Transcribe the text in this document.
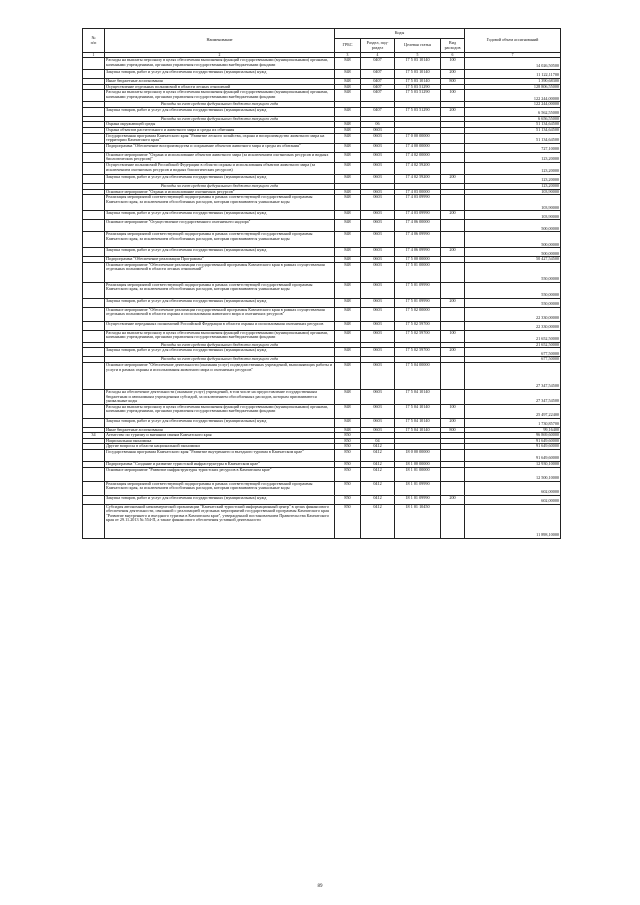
№
п/п	Наименование	Коды				Годовой объем ассигнований
		ГРБС	Раздел, под-раздел	Целевая статья	Вид расходов	
1	2	3	4	5	6	7
	Расходы на выплаты персоналу в целях обеспечения выполнения функций государственными (муниципальными) органами, казенными учреждениями, органами управления государственными внебюджетными фондами	848	0407	17 5 03 10140	100	14 026,50500
	Закупка товаров, работ и услуг для обеспечения государственных (муниципальных) нужд	848	0407	17 5 03 10140	200	11 122,11700
	Иные бюджетные ассигнования	848	0407	17 5 03 10140	800	1 390,68300
	Осуществление отдельных полномочий в области лесных отношений	848	0407	17 5 03 51290		128 806,55000
	Расходы на выплаты персоналу в целях обеспечения выполнения функций государственными (муниципальными) органами, казенными учреждениями, органами управления государственными внебюджетными фондами	848	0407	17 5 03 51290	100	122 244,00000
	Расходы за счет средств федерального бюджета текущего года					122 244,00000
	Закупка товаров, работ и услуг для обеспечения государственных (муниципальных) нужд	848	0407	17 5 03 51290	200	6 562,55000
	Расходы за счет средств федерального бюджета текущего года					6 656,55000
	Охрана окружающей среды	848	06			51 134,64500
	Охрана объектов растительного и животного мира и среды их обитания	848	0603			51 134,64500
	Государственная программа Камчатского края "Развитие лесного хозяйства, охрана и воспроизводство животного мира на территории Камчатского края"	848	0603	17 0 00 00000		51 134,64500
	Подпрограмма "Обеспечение воспроизводства и сохранение объектов животного мира и среды их обитания"	848	0603	17 4 00 00000		727,10000
	Основное мероприятие "Охрана и использование объектов животного мира (за исключением охотничьих ресурсов и водных биологических ресурсов)"	848	0603	17 4 02 00000		123,20000
	Осуществление полномочий Российской Федерации в области охраны и использования объектов животного мира (за исключением охотничьих ресурсов и водных биологических ресурсов)	848	0603	17 4 02 59200		123,20000
	Закупка товаров, работ и услуг для обеспечения государственных (муниципальных) нужд	848	0603	17 4 02 59200	200	123,20000
	Расходы за счет средств федерального бюджета текущего года					123,20000
	Основное мероприятие "Охрана и использование охотничьих ресурсов"	848	0603	17 4 03 00000		103,90000
	Реализация мероприятий соответствующей подпрограммы в рамках соответствующей государственной программы Камчатского края, за исключением обособленных расходов, которым присваиваются уникальные коды	848	0603	17 4 03 09990		103,90000
	Закупка товаров, работ и услуг для обеспечения государственных (муниципальных) нужд	848	0603	17 4 03 09990	200	103,90000
	Основное мероприятие "Осуществление государственного охотничьего надзора"	848	0603	17 4 06 00000		500,00000
	Реализация мероприятий соответствующей подпрограммы в рамках соответствующей государственной программы Камчатского края, за исключением обособленных расходов, которым присваиваются уникальные коды	848	0603	17 4 06 09990		500,00000
	Закупка товаров, работ и услуг для обеспечения государственных (муниципальных) нужд	848	0603	17 4 06 09990	200	500,00000
	Подпрограмма "Обеспечение реализации Программы"	848	0603	17 5 00 00000		50 427,54500
	Основное мероприятие "Обеспечение реализации государственной программы Камчатского края в рамках осуществления отдельных полномочий в области лесных отношений"	848	0603	17 5 01 00000		550,00000
	Реализация мероприятий соответствующей подпрограммы в рамках соответствующей государственной программы Камчатского края, за исключением обособленных расходов, которым присваиваются уникальные коды	848	0603	17 5 01 09990		550,00000
	Закупка товаров, работ и услуг для обеспечения государственных (муниципальных) нужд	848	0603	17 5 01 09990	200	550,00000
	Основное мероприятие "Обеспечение реализации государственной программы Камчатского края в рамках осуществления отдельных полномочий в области охраны и использования животного мира и охотничьих ресурсов"	848	0603	17 5 02 00000		22 330,00000
	Осуществление переданных полномочий Российской Федерации в области охраны и использования охотничьих ресурсов	848	0603	17 5 02 59700		22 330,00000
	Расходы на выплаты персоналу в целях обеспечения выполнения функций государственными (муниципальными) органами, казенными учреждениями, органами управления государственными внебюджетными фондами	848	0603	17 5 02 59700	100	21 652,50000
	Расходы за счет средств федерального бюджета текущего года					21 652,50000
	Закупка товаров, работ и услуг для обеспечения государственных (муниципальных) нужд	848	0603	17 5 02 59700	200	677,50000
	Расходы за счет средств федерального бюджета текущего года					677,50000
	Основное мероприятие "Обеспечение деятельности (оказания услуг) подведомственных учреждений, выполняющих работы и услуги в рамках охраны и использования животного мира и охотничьих ресурсов"	848	0603	17 5 04 00000		27 347,54500
	Расходы на обеспечение деятельности (оказание услуг) учреждений, в том числе на предоставление государственным бюджетным и автономным учреждениям субсидий, за исключением обособленных расходов, которым присваиваются уникальные коды	848	0603	17 5 04 10140		27 347,54500
	Расходы на выплаты персоналу в целях обеспечения выполнения функций государственными (муниципальными) органами, казенными учреждениями, органами управления государственными внебюджетными фондами	848	0603	17 5 04 10140	100	25 497,22400
	Закупка товаров, работ и услуг для обеспечения государственных (муниципальных) нужд	848	0603	17 5 04 10140	200	1 730,85700
	Иные бюджетные ассигнования	848	0603	17 5 04 10140	800	99,16400
34	Агентство по туризму и внешним связям Камчатского края	850				96 869,60000
	Национальная экономика	850	04			91 649,60000
	Другие вопросы в области национальной экономики	850	0412			91 649,60000
	Государственная программа Камчатского края "Развитие внутреннего и въездного туризма в Камчатском крае"	850	0412	18 0 00 00000		91 649,60000
	Подпрограмма "Создание и развитие туристской инфраструктуры в Камчатском крае"	850	0412	18 1 00 00000		12 930,10000
	Основное мероприятие "Развитие инфраструктуры туристских ресурсов в Камчатском крае"	850	0412	18 1 01 00000		12 500,10000
	Реализация мероприятий соответствующей подпрограммы в рамках соответствующей государственной программы Камчатского края, за исключением обособленных расходов, которым присваиваются уникальные коды	850	0412	18 1 01 09990		602,00000
	Закупка товаров, работ и услуг для обеспечения государственных (муниципальных) нужд	850	0412	18 1 01 09990	200	602,00000
	Субсидия автономной некоммерческой организации "Камчатский туристский информационный центр" в целях финансового обеспечения деятельности, связанной с реализацией отдельных мероприятий государственной программы Камчатского края "Развитие внутреннего и въездного туризма в Камчатском крае", утвержденной постановлением Правительства Камчатского края от 29.11.2013 № 554-П, а также финансового обеспечения уставной деятельности	850	0412	18 1 01 10450		11 898,10000
89
